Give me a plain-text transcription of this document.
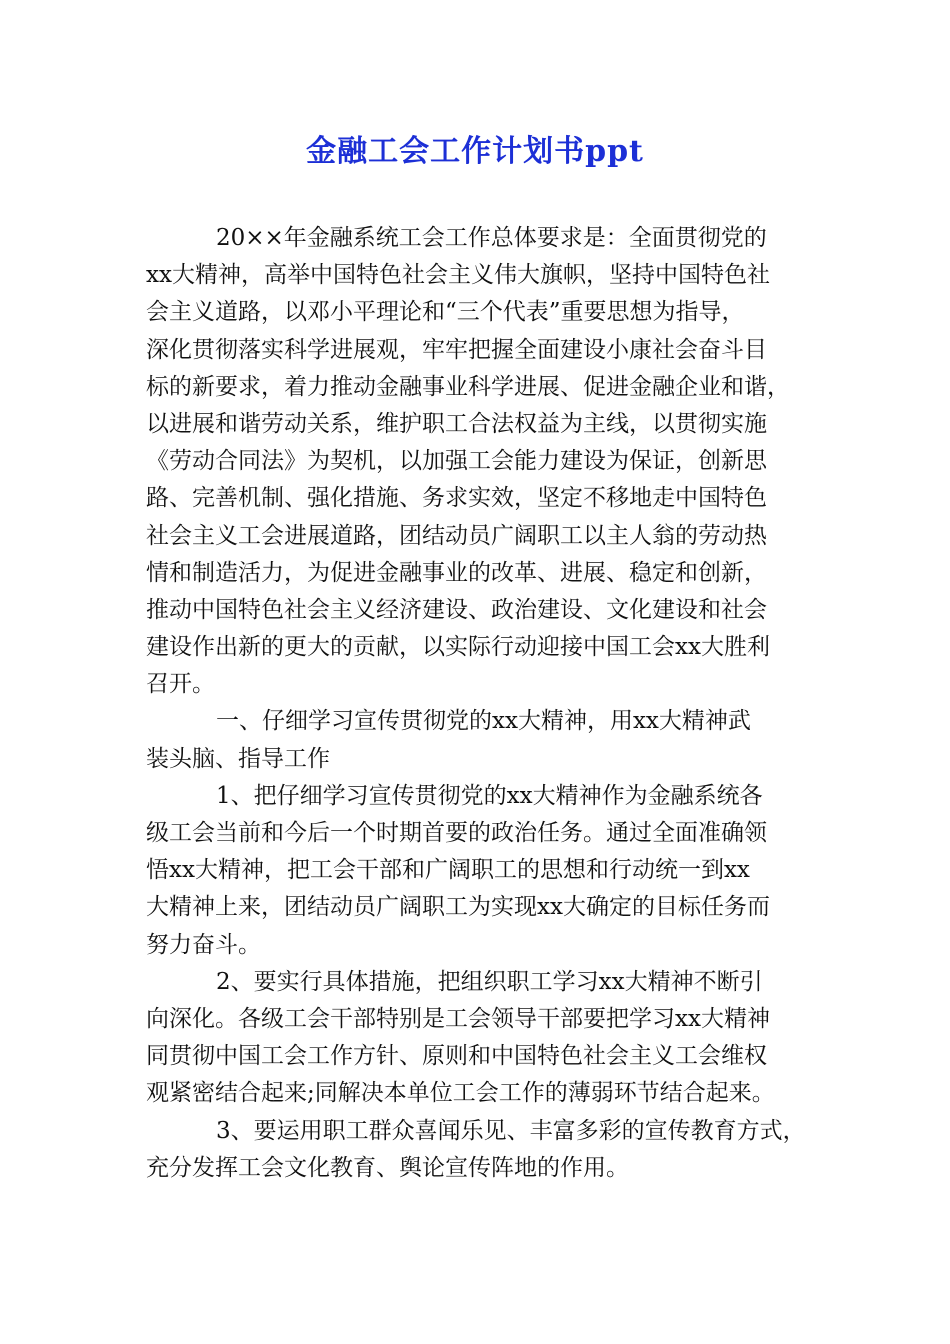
金融工会工作计划书ppt
20××年金融系统工会工作总体要求是：全面贯彻党的
xx大精神，高举中国特色社会主义伟大旗帜，坚持中国特色社
会主义道路，以邓小平理论和“三个代表”重要思想为指导，
深化贯彻落实科学进展观，牢牢把握全面建设小康社会奋斗目
标的新要求，着力推动金融事业科学进展、促进金融企业和谐，
以进展和谐劳动关系，维护职工合法权益为主线，以贯彻实施
《劳动合同法》为契机，以加强工会能力建设为保证，创新思
路、完善机制、强化措施、务求实效，坚定不移地走中国特色
社会主义工会进展道路，团结动员广阔职工以主人翁的劳动热
情和制造活力，为促进金融事业的改革、进展、稳定和创新，
推动中国特色社会主义经济建设、政治建设、文化建设和社会
建设作出新的更大的贡献，以实际行动迎接中国工会xx大胜利
召开。
一、仔细学习宣传贯彻党的xx大精神，用xx大精神武
装头脑、指导工作
1、把仔细学习宣传贯彻党的xx大精神作为金融系统各
级工会当前和今后一个时期首要的政治任务。通过全面准确领
悟xx大精神，把工会干部和广阔职工的思想和行动统一到xx
大精神上来，团结动员广阔职工为实现xx大确定的目标任务而
努力奋斗。
2、要实行具体措施，把组织职工学习xx大精神不断引
向深化。各级工会干部特别是工会领导干部要把学习xx大精神
同贯彻中国工会工作方针、原则和中国特色社会主义工会维权
观紧密结合起来;同解决本单位工会工作的薄弱环节结合起来。
3、要运用职工群众喜闻乐见、丰富多彩的宣传教育方式，
充分发挥工会文化教育、舆论宣传阵地的作用。
